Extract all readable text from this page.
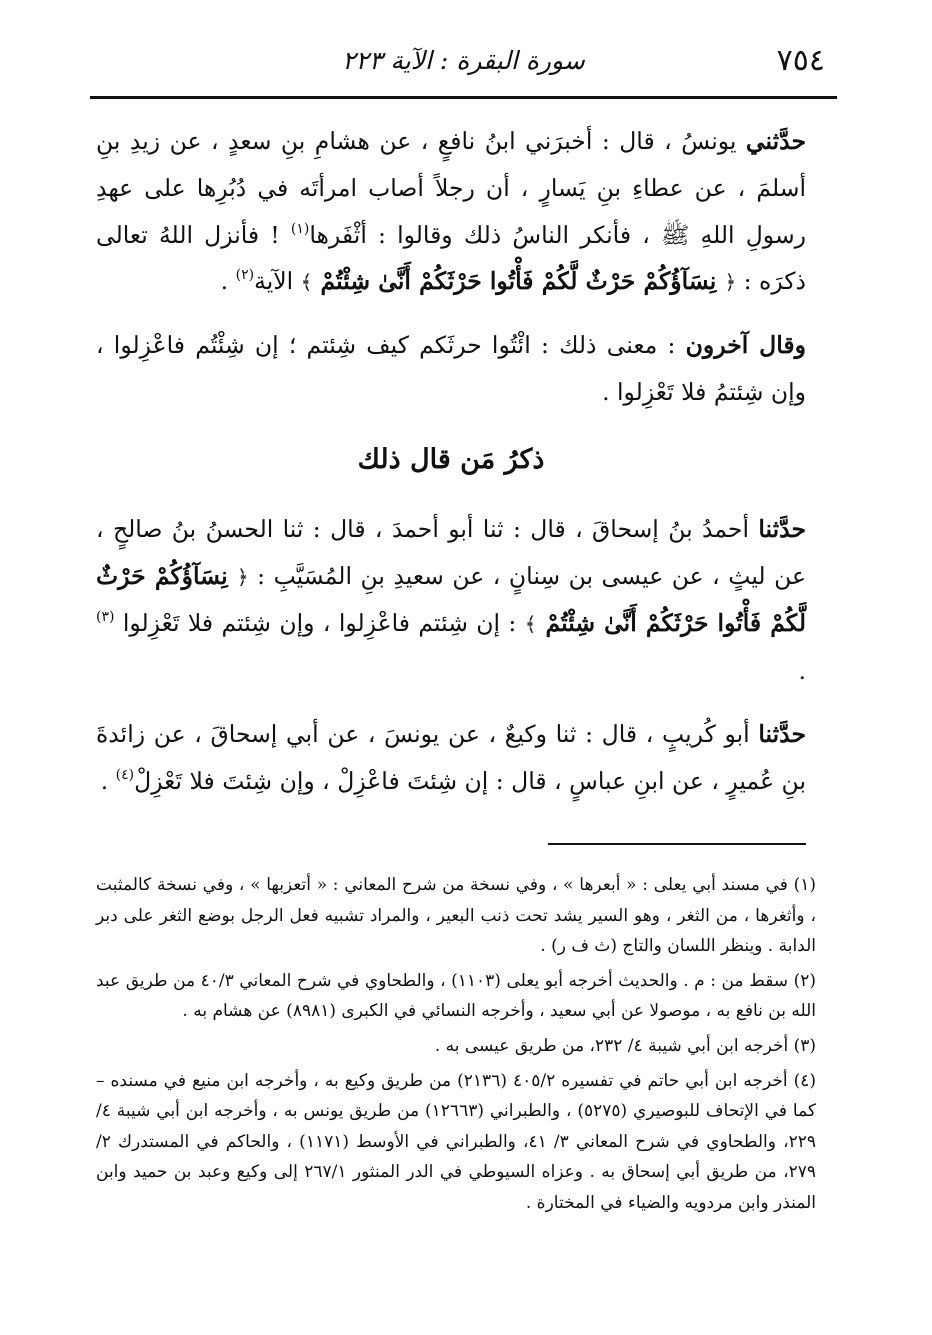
٧٥٤
سورة البقرة : الآية ٢٢٣

حدَّثني يونسُ ، قال : أخبرَني ابنُ نافعٍ ، عن هشامِ بنِ سعدٍ ، عن زيدِ بنِ أسلمَ ، عن عطاءِ بنِ يَسارٍ ، أن رجلاً أصاب امرأتَه في دُبُرِها على عهدِ رسولِ اللهِ ﷺ ، فأنكر الناسُ ذلك وقالوا : أثْفَرها$^{(١)}$ ! فأنزل اللهُ تعالى ذكرَه : ﴿ نِسَآؤُكُمْ حَرْثٌ لَّكُمْ فَأْتُوا حَرْثَكُمْ أَنَّىٰ شِئْتُمْ ﴾ الآية$^{(٢)}$ .

وقال آخرون : معنى ذلك : ائْتُوا حرثَكم كيف شِئتم ؛ إن شِئْتُم فاعْزِلوا ، وإن شِئتمُ فلا تَعْزِلوا .

ذكرُ مَن قال ذلك

حدَّثنا أحمدُ بنُ إسحاقَ ، قال : ثنا أبو أحمدَ ، قال : ثنا الحسنُ بنُ صالحٍ ، عن ليثٍ ، عن عيسى بن سِنانٍ ، عن سعيدِ بنِ المُسَيَّبِ : ﴿ نِسَآؤُكُمْ حَرْثٌ لَّكُمْ فَأْتُوا حَرْثَكُمْ أَنَّىٰ شِئْتُمْ ﴾ : إن شِئتم فاعْزِلوا ، وإن شِئتم فلا تَعْزِلوا $^{(٣)}$ .

حدَّثنا أبو كُريبٍ ، قال : ثنا وكيعٌ ، عن يونسَ ، عن أبي إسحاقَ ، عن زائدةَ بنِ عُميرٍ ، عن ابنِ عباسٍ ، قال : إن شِئتَ فاعْزِلْ ، وإن شِئتَ فلا تَعْزِلْ$^{(٤)}$ .

(١) في مسند أبي يعلى : « أبعرها » ، وفي نسخة من شرح المعاني : « أتعزبها » ، وفي نسخة كالمثبت ، وأثغرها ، من الثغر ، وهو السير يشد تحت ذنب البعير ، والمراد تشبيه فعل الرجل بوضع الثغر على دبر الدابة . وينظر اللسان والتاج (ث ف ر) .

(٢) سقط من : م . والحديث أخرجه أبو يعلى (١١٠٣) ، والطحاوي في شرح المعاني ٤٠/٣ من طريق عبد الله بن نافع به ، موصولا عن أبي سعيد ، وأخرجه النسائي في الكبرى (٨٩٨١) عن هشام به .

(٣) أخرجه ابن أبي شيبة ٤/ ٢٣٢، من طريق عيسى به .

(٤) أخرجه ابن أبي حاتم في تفسيره ٤٠٥/٢ (٢١٣٦) من طريق وكيع به ، وأخرجه ابن منيع في مسنده – كما في الإتحاف للبوصيري (٥٢٧٥) ، والطبراني (١٢٦٦٣) من طريق يونس به ، وأخرجه ابن أبي شيبة ٤/ ٢٢٩، والطحاوي في شرح المعاني ٣/ ٤١، والطبراني في الأوسط (١١٧١) ، والحاكم في المستدرك ٢/ ٢٧٩، من طريق أبي إسحاق به . وعزاه السيوطي في الدر المنثور ٢٦٧/١ إلى وكيع وعبد بن حميد وابن المنذر وابن مردويه والضياء في المختارة .
